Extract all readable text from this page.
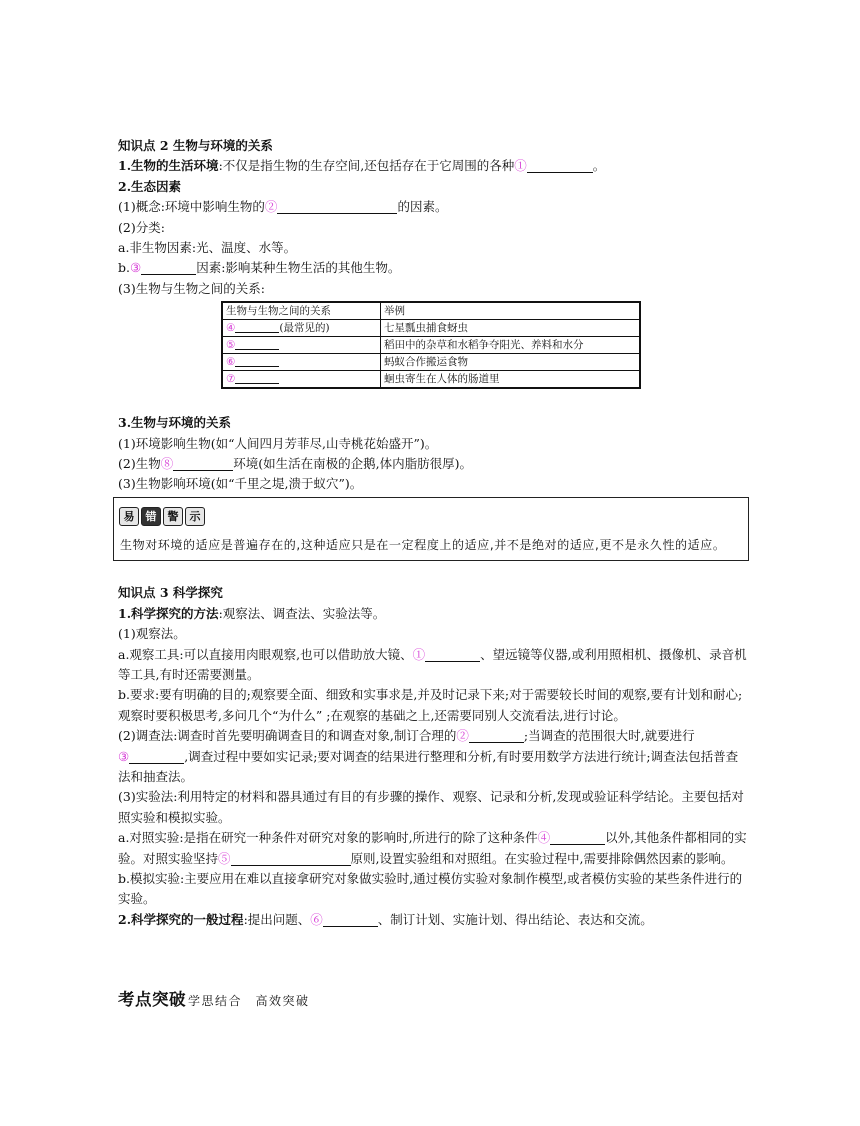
知识点 2 生物与环境的关系
1.生物的生活环境:不仅是指生物的生存空间,还包括存在于它周围的各种①	。
2.生态因素
(1)概念:环境中影响生物的②	的因素。
(2)分类:
a.非生物因素:光、温度、水等。
b.③	因素:影响某种生物生活的其他生物。
(3)生物与生物之间的关系:
生物与生物之间的关系	举例
④ (最常见的)	七星瓢虫捕食蚜虫
⑤	稻田中的杂草和水稻争夺阳光、养料和水分
⑥	蚂蚁合作搬运食物
⑦	蛔虫寄生在人体的肠道里
3.生物与环境的关系
(1)环境影响生物(如“人间四月芳菲尽,山寺桃花始盛开”)。
(2)生物⑧	环境(如生活在南极的企鹅,体内脂肪很厚)。
(3)生物影响环境(如“千里之堤,溃于蚁穴”)。
易	错	警	示
生物对环境的适应是普遍存在的,这种适应只是在一定程度上的适应,并不是绝对的适应,更不是永久性的适应。
知识点 3 科学探究
1.科学探究的方法:观察法、调查法、实验法等。
(1)观察法。
a.观察工具:可以直接用肉眼观察,也可以借助放大镜、①	、望远镜等仪器,或利用照相机、摄像机、录音机等工具,有时还需要测量。
b.要求:要有明确的目的;观察要全面、细致和实事求是,并及时记录下来;对于需要较长时间的观察,要有计划和耐心;观察时要积极思考,多问几个“为什么” ;在观察的基础之上,还需要同别人交流看法,进行讨论。
(2)调查法:调查时首先要明确调查目的和调查对象,制订合理的②	;当调查的范围很大时,就要进行
③	,调查过程中要如实记录;要对调查的结果进行整理和分析,有时要用数学方法进行统计;调查法包括普查法和抽查法。
(3)实验法:利用特定的材料和器具通过有目的有步骤的操作、观察、记录和分析,发现或验证科学结论。主要包括对照实验和模拟实验。
a.对照实验:是指在研究一种条件对研究对象的影响时,所进行的除了这种条件④	以外,其他条件都相同的实验。对照实验坚持⑤	原则,设置实验组和对照组。在实验过程中,需要排除偶然因素的影响。
b.模拟实验:主要应用在难以直接拿研究对象做实验时,通过模仿实验对象制作模型,或者模仿实验的某些条件进行的实验。
2.科学探究的一般过程:提出问题、⑥	、制订计划、实施计划、得出结论、表达和交流。
考点突破 学思结合　高效突破
